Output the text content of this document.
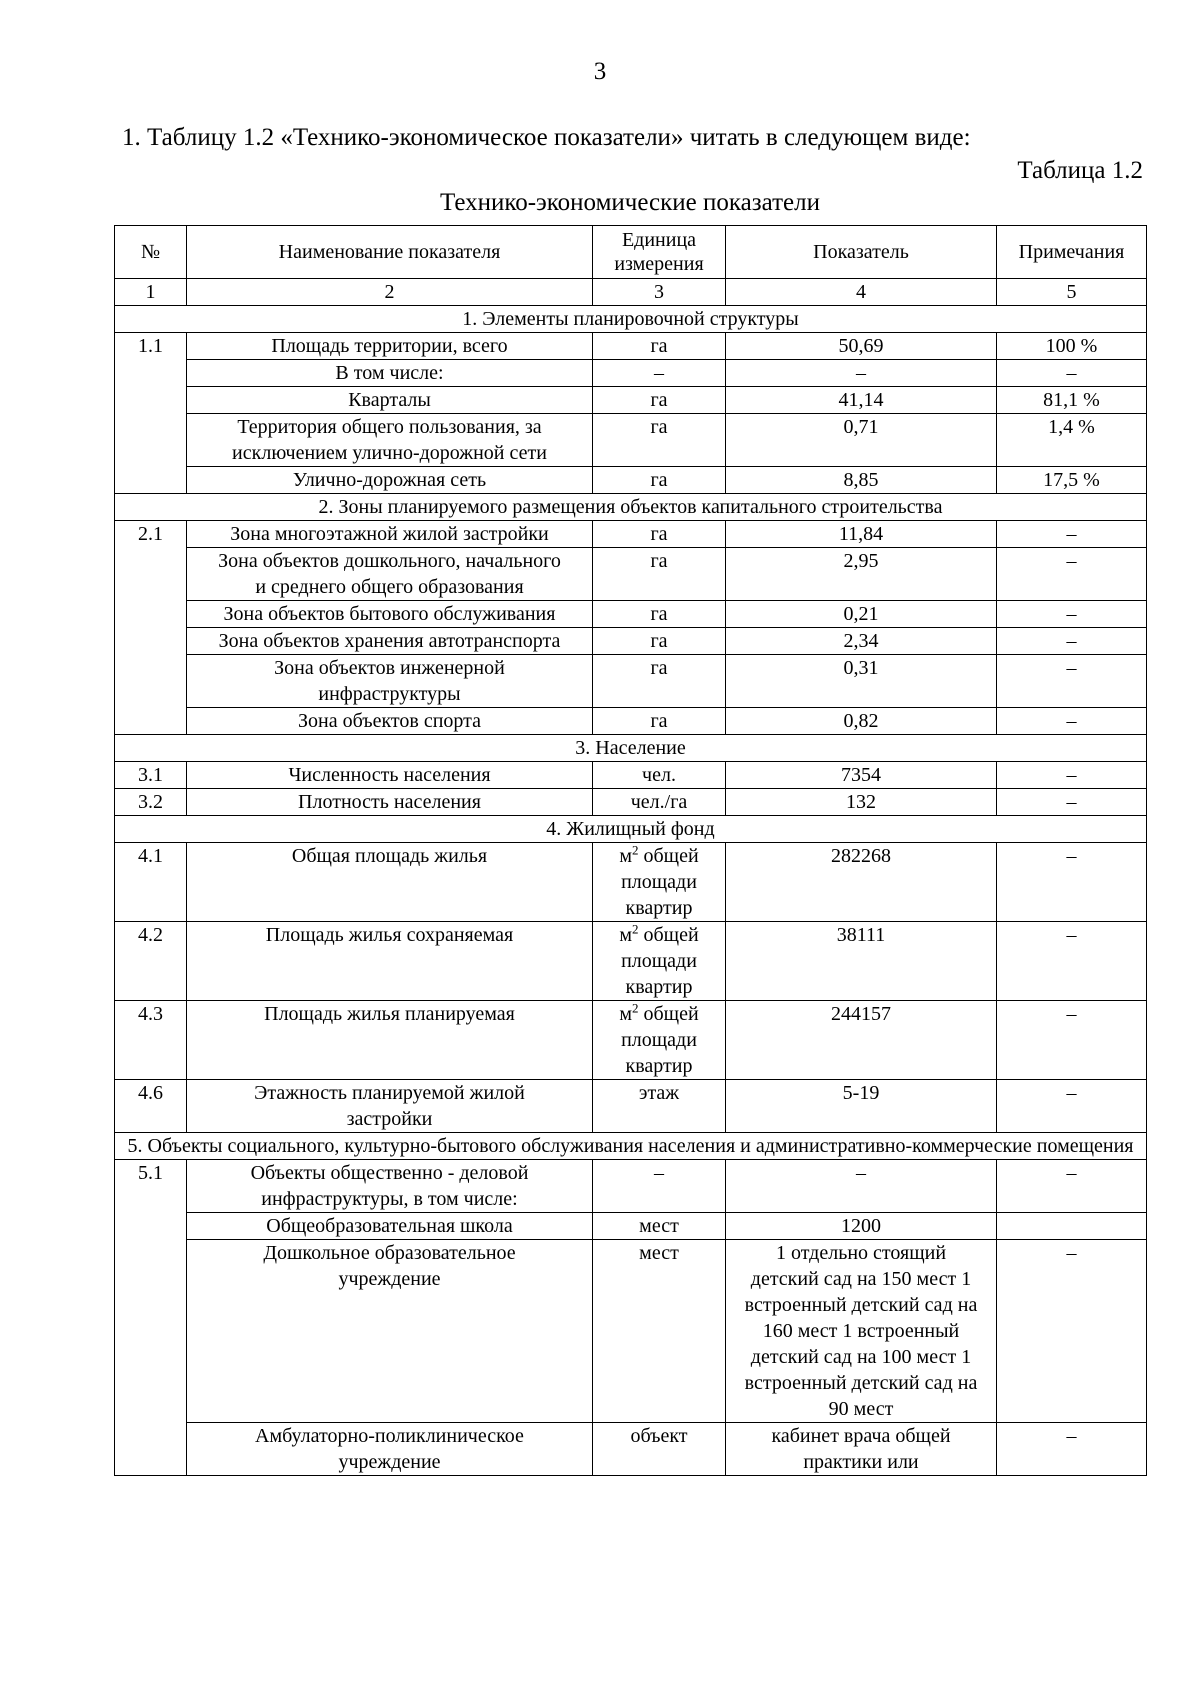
3
1. Таблицу 1.2 «Технико-экономическое показатели» читать в следующем виде:
Таблица 1.2
Технико-экономические показатели
№	Наименование показателя	Единица измерения	Показатель	Примечания
1	2	3	4	5
1. Элементы планировочной структуры				
1.1	Площадь территории, всего	га	50,69	100 %
	В том числе:	–	–	–
	Кварталы	га	41,14	81,1 %
	Территория общего пользования, за исключением улично-дорожной сети	га	0,71	1,4 %
	Улично-дорожная сеть	га	8,85	17,5 %
2. Зоны планируемого размещения объектов капитального строительства				
2.1	Зона многоэтажной жилой застройки	га	11,84	–
	Зона объектов дошкольного, начального и среднего общего образования	га	2,95	–
	Зона объектов бытового обслуживания	га	0,21	–
	Зона объектов хранения автотранспорта	га	2,34	–
	Зона объектов инженерной инфраструктуры	га	0,31	–
	Зона объектов спорта	га	0,82	–
3. Население				
3.1	Численность населения	чел.	7354	–
3.2	Плотность населения	чел./га	132	–
4. Жилищный фонд				
4.1	Общая площадь жилья	$м^2$ общей площади квартир	282268	–
4.2	Площадь жилья сохраняемая	$м^2$ общей площади квартир	38111	–
4.3	Площадь жилья планируемая	$м^2$ общей площади квартир	244157	–
4.6	Этажность планируемой жилой застройки	этаж	5-19	–
5. Объекты социального, культурно-бытового обслуживания населения и административно-коммерческие помещения				
5.1	Объекты общественно - деловой инфраструктуры, в том числе:	–	–	–
	Общеобразовательная школа	мест	1200	
	Дошкольное образовательное учреждение	мест	1 отдельно стоящий детский сад на 150 мест 1 встроенный детский сад на 160 мест 1 встроенный детский сад на 100 мест 1 встроенный детский сад на 90 мест	–
	Амбулаторно-поликлиническое учреждение	объект	кабинет врача общей практики или	–
